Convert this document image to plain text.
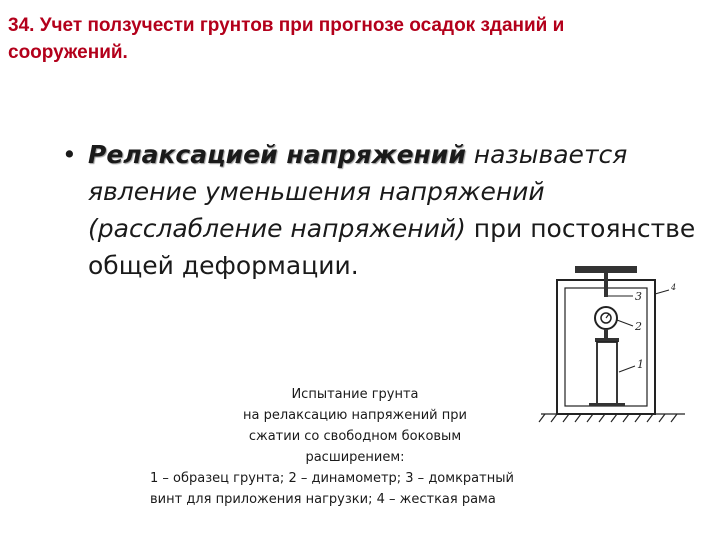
34. Учет ползучести грунтов при прогнозе осадок зданий и
сооружений.
• Релаксацией напряжений называется
явление уменьшения напряжений
(расслабление напряжений) при постоянстве
общей деформации.
3
2
1
4
Испытание грунта
на релаксацию напряжений при
сжатии со свободном боковым
расширением:
1 – образец грунта; 2 – динамометр; 3 – домкратный
винт для приложения нагрузки; 4 – жесткая рама
